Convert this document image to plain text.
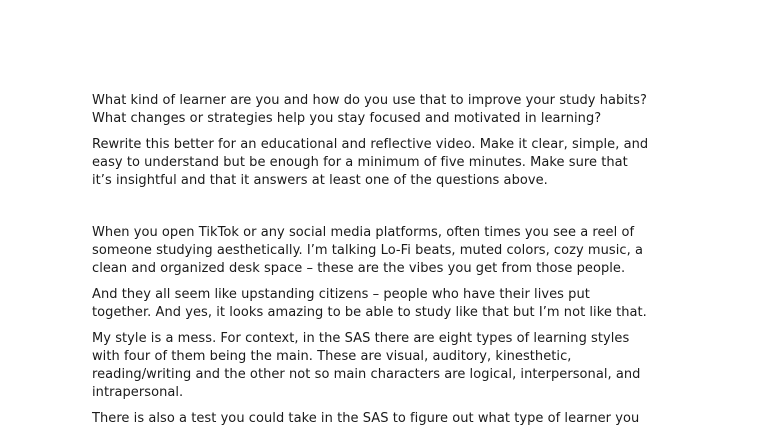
What kind of learner are you and how do you use that to improve your study habits?
What changes or strategies help you stay focused and motivated in learning?

Rewrite this better for an educational and reflective video. Make it clear, simple, and
easy to understand but be enough for a minimum of five minutes. Make sure that
it’s insightful and that it answers at least one of the questions above.

When you open TikTok or any social media platforms, often times you see a reel of
someone studying aesthetically. I’m talking Lo-Fi beats, muted colors, cozy music, a
clean and organized desk space – these are the vibes you get from those people.

And they all seem like upstanding citizens – people who have their lives put
together. And yes, it looks amazing to be able to study like that but I’m not like that.

My style is a mess. For context, in the SAS there are eight types of learning styles
with four of them being the main. These are visual, auditory, kinesthetic,
reading/writing and the other not so main characters are logical, interpersonal, and
intrapersonal.

There is also a test you could take in the SAS to figure out what type of learner you
